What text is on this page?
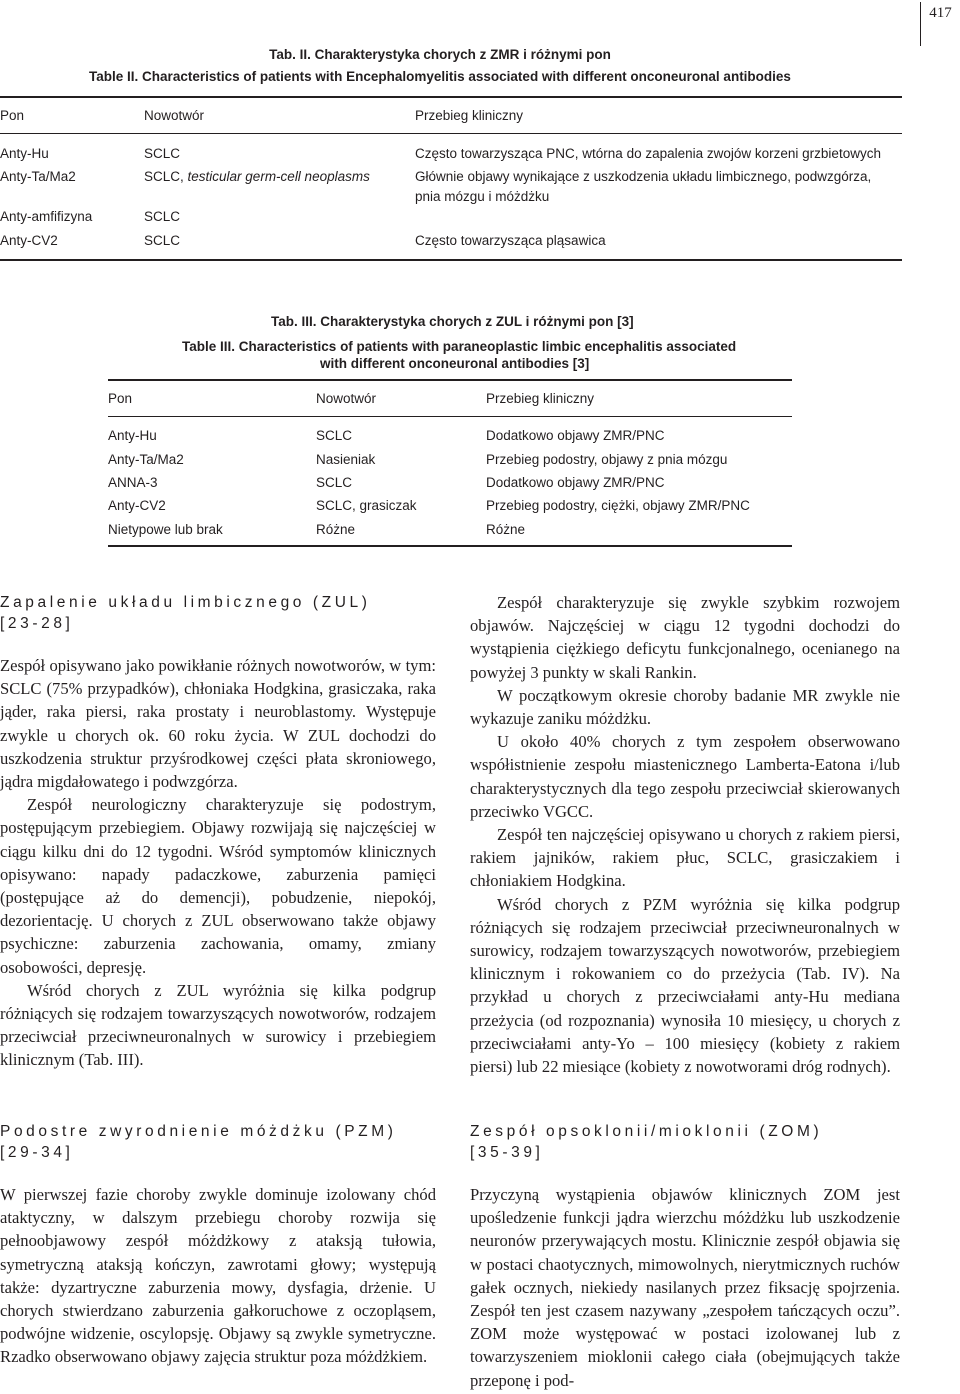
417
Tab. II. Charakterystyka chorych z ZMR i różnymi pon
Table II. Characteristics of patients with Encephalomyelitis associated with different onconeuronal antibodies
Pon	Nowotwór	Przebieg kliniczny
Anty-Hu	SCLC	Często towarzysząca PNC, wtórna do zapalenia zwojów korzeni grzbietowych
Anty-Ta/Ma2	SCLC, testicular germ-cell neoplasms	Głównie objawy wynikające z uszkodzenia układu limbicznego, podwzgórza,
pnia mózgu i móżdżku
Anty-amfifizyna	SCLC
Anty-CV2	SCLC	Często towarzysząca pląsawica
Tab. III. Charakterystyka chorych z ZUL i różnymi pon [3]
Table III. Characteristics of patients with paraneoplastic limbic encephalitis associated
with different onconeuronal antibodies [3]
Pon	Nowotwór	Przebieg kliniczny
Anty-Hu	SCLC	Dodatkowo objawy ZMR/PNC
Anty-Ta/Ma2	Nasieniak	Przebieg podostry, objawy z pnia mózgu
ANNA-3	SCLC	Dodatkowo objawy ZMR/PNC
Anty-CV2	SCLC, grasiczak	Przebieg podostry, ciężki, objawy ZMR/PNC
Nietypowe lub brak	Różne	Różne
Zapalenie układu limbicznego (ZUL)
[23-28]

Zespół opisywano jako powikłanie różnych nowotworów, w tym: SCLC (75% przypadków), chłoniaka Hodgkina, grasiczaka, raka jąder, raka piersi, raka prostaty i neuroblastomy. Występuje zwykle u chorych ok. 60 roku życia. W ZUL dochodzi do uszkodzenia struktur przyśrodkowej części płata skroniowego, jądra migdałowatego i podwzgórza.

Zespół neurologiczny charakteryzuje się podostrym, postępującym przebiegiem. Objawy rozwijają się najczęściej w ciągu kilku dni do 12 tygodni. Wśród symptomów klinicznych opisywano: napady padaczkowe, zaburzenia pamięci (postępujące aż do demencji), pobudzenie, niepokój, dezorientację. U chorych z ZUL obserwowano także objawy psychiczne: zaburzenia zachowania, omamy, zmiany osobowości, depresję.

Wśród chorych z ZUL wyróżnia się kilka podgrup różniących się rodzajem towarzyszących nowotworów, rodzajem przeciwciał przeciwneuronalnych w surowicy i przebiegiem klinicznym (Tab. III).

Podostre zwyrodnienie móżdżku (PZM)
[29-34]

W pierwszej fazie choroby zwykle dominuje izolowany chód ataktyczny, w dalszym przebiegu choroby rozwija się pełnoobjawowy zespół móżdżkowy z ataksją tułowia, symetryczną ataksją kończyn, zawrotami głowy; występują także: dyzartryczne zaburzenia mowy, dysfagia, drżenie. U chorych stwierdzano zaburzenia gałkoruchowe z oczopląsem, podwójne widzenie, oscylopsję. Objawy są zwykle symetryczne. Rzadko obserwowano objawy zajęcia struktur poza móżdżkiem.

Zespół charakteryzuje się zwykle szybkim rozwojem objawów. Najczęściej w ciągu 12 tygodni dochodzi do wystąpienia ciężkiego deficytu funkcjonalnego, ocenianego na powyżej 3 punkty w skali Rankin.

W początkowym okresie choroby badanie MR zwykle nie wykazuje zaniku móżdżku.

U około 40% chorych z tym zespołem obserwowano współistnienie zespołu miastenicznego Lamberta-Eatona i/lub charakterystycznych dla tego zespołu przeciwciał skierowanych przeciwko VGCC.

Zespół ten najczęściej opisywano u chorych z rakiem piersi, rakiem jajników, rakiem płuc, SCLC, grasiczakiem i chłoniakiem Hodgkina.

Wśród chorych z PZM wyróżnia się kilka podgrup różniących się rodzajem przeciwciał przeciwneuronalnych w surowicy, rodzajem towarzyszących nowotworów, przebiegiem klinicznym i rokowaniem co do przeżycia (Tab. IV). Na przykład u chorych z przeciwciałami anty-Hu mediana przeżycia (od rozpoznania) wynosiła 10 miesięcy, u chorych z przeciwciałami anty-Yo – 100 miesięcy (kobiety z rakiem piersi) lub 22 miesiące (kobiety z nowotworami dróg rodnych).

Zespół opsoklonii/mioklonii (ZOM)
[35-39]

Przyczyną wystąpienia objawów klinicznych ZOM jest upośledzenie funkcji jądra wierzchu móżdżku lub uszkodzenie neuronów przerywających mostu. Klinicznie zespół objawia się w postaci chaotycznych, mimowolnych, nierytmicznych ruchów gałek ocznych, niekiedy nasilanych przez fiksację spojrzenia. Zespół ten jest czasem nazywany „zespołem tańczących oczu”. ZOM może występować w postaci izolowanej lub z towarzyszeniem mioklonii całego ciała (obejmujących także przeponę i pod-
